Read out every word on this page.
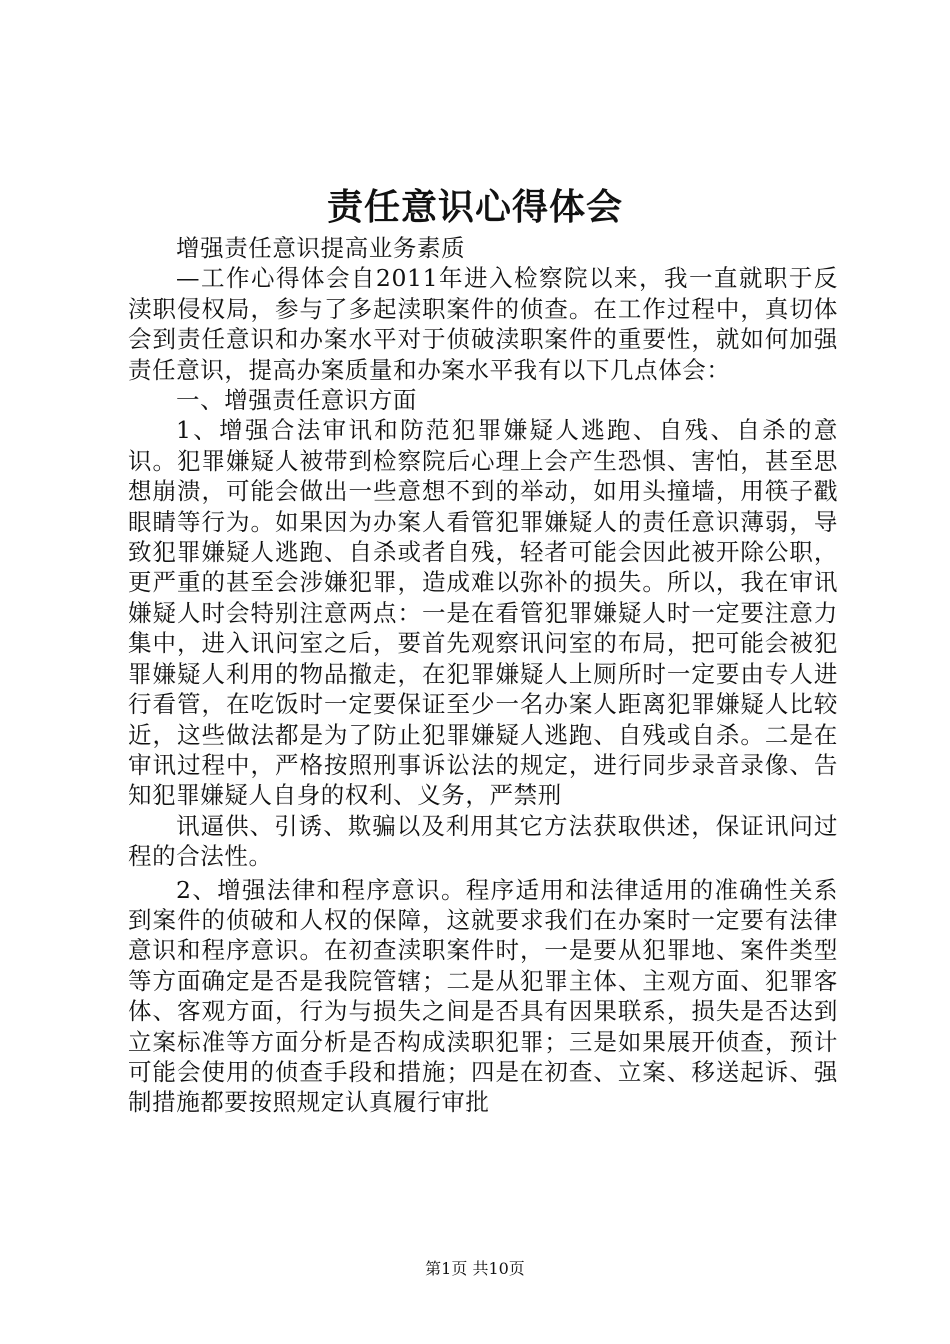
责任意识心得体会

增强责任意识提高业务素质

—工作心得体会自2011年进入检察院以来，我一直就职于反渎职侵权局，参与了多起渎职案件的侦查。在工作过程中，真切体会到责任意识和办案水平对于侦破渎职案件的重要性，就如何加强责任意识，提高办案质量和办案水平我有以下几点体会：

一、增强责任意识方面

1、增强合法审讯和防范犯罪嫌疑人逃跑、自残、自杀的意识。犯罪嫌疑人被带到检察院后心理上会产生恐惧、害怕，甚至思想崩溃，可能会做出一些意想不到的举动，如用头撞墙，用筷子戳眼睛等行为。如果因为办案人看管犯罪嫌疑人的责任意识薄弱，导致犯罪嫌疑人逃跑、自杀或者自残，轻者可能会因此被开除公职，更严重的甚至会涉嫌犯罪，造成难以弥补的损失。所以，我在审讯嫌疑人时会特别注意两点：一是在看管犯罪嫌疑人时一定要注意力集中，进入讯问室之后，要首先观察讯问室的布局，把可能会被犯罪嫌疑人利用的物品撤走，在犯罪嫌疑人上厕所时一定要由专人进行看管，在吃饭时一定要保证至少一名办案人距离犯罪嫌疑人比较近，这些做法都是为了防止犯罪嫌疑人逃跑、自残或自杀。二是在审讯过程中，严格按照刑事诉讼法的规定，进行同步录音录像、告知犯罪嫌疑人自身的权利、义务，严禁刑

讯逼供、引诱、欺骗以及利用其它方法获取供述，保证讯问过程的合法性。

2、增强法律和程序意识。程序适用和法律适用的准确性关系到案件的侦破和人权的保障，这就要求我们在办案时一定要有法律意识和程序意识。在初查渎职案件时，一是要从犯罪地、案件类型等方面确定是否是我院管辖；二是从犯罪主体、主观方面、犯罪客体、客观方面，行为与损失之间是否具有因果联系，损失是否达到立案标准等方面分析是否构成渎职犯罪；三是如果展开侦查，预计可能会使用的侦查手段和措施；四是在初查、立案、移送起诉、强制措施都要按照规定认真履行审批

第1页 共10页
